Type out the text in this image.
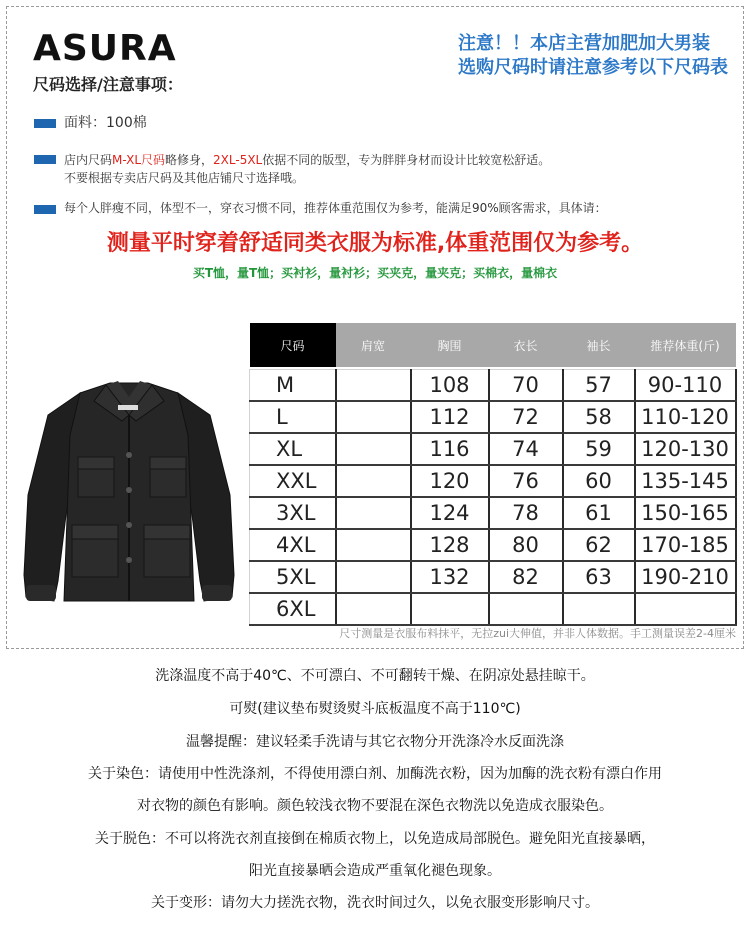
ASURA
尺码选择/注意事项：
注意！！本店主营加肥加大男装
选购尺码时请注意参考以下尺码表
面料：100棉
店内尺码M-XL尺码略修身，2XL-5XL依据不同的版型，专为胖胖身材而设计比较宽松舒适。
不要根据专卖店尺码及其他店铺尺寸选择哦。
每个人胖瘦不同，体型不一，穿衣习惯不同，推荐体重范围仅为参考，能满足90%顾客需求，具体请：
测量平时穿着舒适同类衣服为标准,体重范围仅为参考。
买T恤，量T恤；买衬衫，量衬衫；买夹克，量夹克；买棉衣，量棉衣
尺码	肩宽	胸围	衣长	袖长	推荐体重(斤)

M		108	70	57	90-110
L		112	72	58	110-120
XL		116	74	59	120-130
XXL		120	76	60	135-145
3XL		124	78	61	150-165
4XL		128	80	62	170-185
5XL		132	82	63	190-210
6XL					
尺寸测量是衣服布料抹平，无拉zui大伸值，并非人体数据。手工测量误差2-4厘米
洗涤温度不高于40℃、不可漂白、不可翻转干燥、在阴凉处悬挂晾干。
可熨(建议垫布熨烫熨斗底板温度不高于110℃)
温馨提醒：建议轻柔手洗请与其它衣物分开洗涤冷水反面洗涤
关于染色：请使用中性洗涤剂，不得使用漂白剂、加酶洗衣粉，因为加酶的洗衣粉有漂白作用
对衣物的颜色有影响。颜色较浅衣物不要混在深色衣物洗以免造成衣服染色。
关于脱色：不可以将洗衣剂直接倒在棉质衣物上，以免造成局部脱色。避免阳光直接暴晒，
阳光直接暴晒会造成严重氧化褪色现象。
关于变形：请勿大力搓洗衣物，洗衣时间过久，以免衣服变形影响尺寸。
